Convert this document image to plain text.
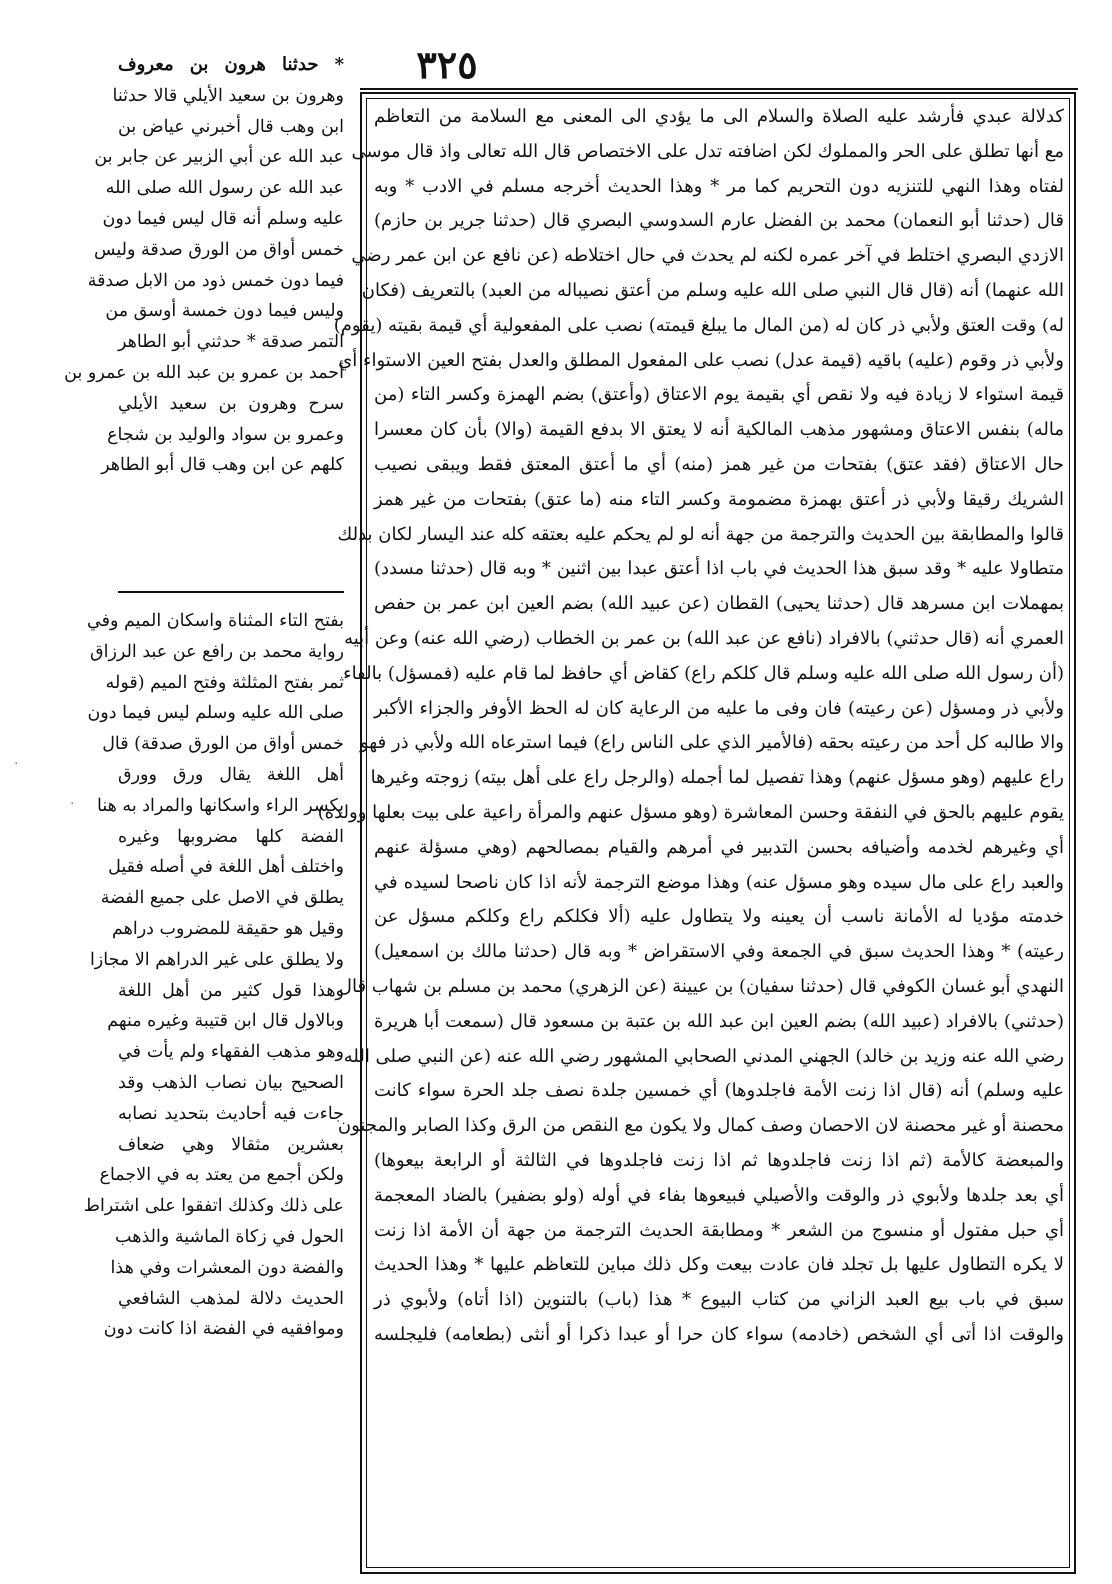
٣٢٥
كدلالة عبدي فأرشد عليه الصلاة والسلام الى ما يؤدي الى المعنى مع السلامة من التعاظم
مع أنها تطلق على الحر والمملوك لكن اضافته تدل على الاختصاص قال الله تعالى واذ قال موسى
لفتاه وهذا النهي للتنزيه دون التحريم كما مر * وهذا الحديث أخرجه مسلم في الادب * وبه
قال (حدثنا أبو النعمان) محمد بن الفضل عارم السدوسي البصري قال (حدثنا جرير بن حازم)
الازدي البصري اختلط في آخر عمره لكنه لم يحدث في حال اختلاطه (عن نافع عن ابن عمر رضي
الله عنهما) أنه (قال قال النبي صلى الله عليه وسلم من أعتق نصيباله من العبد) بالتعريف (فكان
له) وقت العتق ولأبي ذر كان له (من المال ما يبلغ قيمته) نصب على المفعولية أي قيمة بقيته (يقوم)
ولأبي ذر وقوم (عليه) باقيه (قيمة عدل) نصب على المفعول المطلق والعدل بفتح العين الاستواء أي
قيمة استواء لا زيادة فيه ولا نقص أي بقيمة يوم الاعتاق (وأعتق) بضم الهمزة وكسر التاء (من
ماله) بنفس الاعتاق ومشهور مذهب المالكية أنه لا يعتق الا بدفع القيمة (والا) بأن كان معسرا
حال الاعتاق (فقد عتق) بفتحات من غير همز (منه) أي ما أعتق المعتق فقط ويبقى نصيب
الشريك رقيقا ولأبي ذر أعتق بهمزة مضمومة وكسر التاء منه (ما عتق) بفتحات من غير همز
قالوا والمطابقة بين الحديث والترجمة من جهة أنه لو لم يحكم عليه بعتقه كله عند اليسار لكان بذلك
متطاولا عليه * وقد سبق هذا الحديث في باب اذا أعتق عبدا بين اثنين * وبه قال (حدثنا مسدد)
بمهملات ابن مسرهد قال (حدثنا يحيى) القطان (عن عبيد الله) بضم العين ابن عمر بن حفص
العمري أنه (قال حدثني) بالافراد (نافع عن عبد الله) بن عمر بن الخطاب (رضي الله عنه) وعن أبيه
(أن رسول الله صلى الله عليه وسلم قال كلكم راع) كقاض أي حافظ لما قام عليه (فمسؤل) بالفاء
ولأبي ذر ومسؤل (عن رعيته) فان وفى ما عليه من الرعاية كان له الحظ الأوفر والجزاء الأكبر
والا طالبه كل أحد من رعيته بحقه (فالأمير الذي على الناس راع) فيما استرعاه الله ولأبي ذر فهو
راع عليهم (وهو مسؤل عنهم) وهذا تفصيل لما أجمله (والرجل راع على أهل بيته) زوجته وغيرها
يقوم عليهم بالحق في النفقة وحسن المعاشرة (وهو مسؤل عنهم والمرأة راعية على بيت بعلها وولده)
أي وغيرهم لخدمه وأضيافه بحسن التدبير في أمرهم والقيام بمصالحهم (وهي مسؤلة عنهم
والعبد راع على مال سيده وهو مسؤل عنه) وهذا موضع الترجمة لأنه اذا كان ناصحا لسيده في
خدمته مؤديا له الأمانة ناسب أن يعينه ولا يتطاول عليه (ألا فكلكم راع وكلكم مسؤل عن
رعيته) * وهذا الحديث سبق في الجمعة وفي الاستقراض * وبه قال (حدثنا مالك بن اسمعيل)
النهدي أبو غسان الكوفي قال (حدثنا سفيان) بن عيينة (عن الزهري) محمد بن مسلم بن شهاب قال
(حدثني) بالافراد (عبيد الله) بضم العين ابن عبد الله بن عتبة بن مسعود قال (سمعت أبا هريرة
رضي الله عنه وزيد بن خالد) الجهني المدني الصحابي المشهور رضي الله عنه (عن النبي صلى الله
عليه وسلم) أنه (قال اذا زنت الأمة فاجلدوها) أي خمسين جلدة نصف جلد الحرة سواء كانت
محصنة أو غير محصنة لان الاحصان وصف كمال ولا يكون مع النقص من الرق وكذا الصابر والمجنون
والمبعضة كالأمة (ثم اذا زنت فاجلدوها ثم اذا زنت فاجلدوها في الثالثة أو الرابعة بيعوها)
أي بعد جلدها ولأبوي ذر والوقت والأصيلي فبيعوها بفاء في أوله (ولو بضفير) بالضاد المعجمة
أي حبل مفتول أو منسوج من الشعر * ومطابقة الحديث الترجمة من جهة أن الأمة اذا زنت
لا يكره التطاول عليها بل تجلد فان عادت بيعت وكل ذلك مباين للتعاظم عليها * وهذا الحديث
سبق في باب بيع العبد الزاني من كتاب البيوع * هذا (باب) بالتنوين (اذا أتاه) ولأبوي ذر
والوقت اذا أتى أي الشخص (خادمه) سواء كان حرا أو عبدا ذكرا أو أنثى (بطعامه) فليجلسه
* حدثنا هرون بن معروف
وهرون بن سعيد الأيلي قالا حدثنا
ابن وهب قال أخبرني عياض بن
عبد الله عن أبي الزبير عن جابر بن
عبد الله عن رسول الله صلى الله
عليه وسلم أنه قال ليس فيما دون
خمس أواق من الورق صدقة وليس
فيما دون خمس ذود من الابل صدقة
وليس فيما دون خمسة أوسق من
التمر صدقة * حدثني أبو الطاهر
أحمد بن عمرو بن عبد الله بن عمرو بن
سرح وهرون بن سعيد الأيلي
وعمرو بن سواد والوليد بن شجاع
كلهم عن ابن وهب قال أبو الطاهر
بفتح التاء المثناة واسكان الميم وفي
رواية محمد بن رافع عن عبد الرزاق
ثمر بفتح المثلثة وفتح الميم (قوله
صلى الله عليه وسلم ليس فيما دون
خمس أواق من الورق صدقة) قال
أهل اللغة يقال ورق وورق
بكسر الراء واسكانها والمراد به هنا
الفضة كلها مضروبها وغيره
واختلف أهل اللغة في أصله فقيل
يطلق في الاصل على جميع الفضة
وقيل هو حقيقة للمضروب دراهم
ولا يطلق على غير الدراهم الا مجازا
وهذا قول كثير من أهل اللغة
وبالاول قال ابن قتيبة وغيره منهم
وهو مذهب الفقهاء ولم يأت في
الصحيح بيان نصاب الذهب وقد
جاءت فيه أحاديث بتحديد نصابه
بعشرين مثقالا وهي ضعاف
ولكن أجمع من يعتد به في الاجماع
على ذلك وكذلك اتفقوا على اشتراط
الحول في زكاة الماشية والذهب
والفضة دون المعشرات وفي هذا
الحديث دلالة لمذهب الشافعي
وموافقيه في الفضة اذا كانت دون
·
·
